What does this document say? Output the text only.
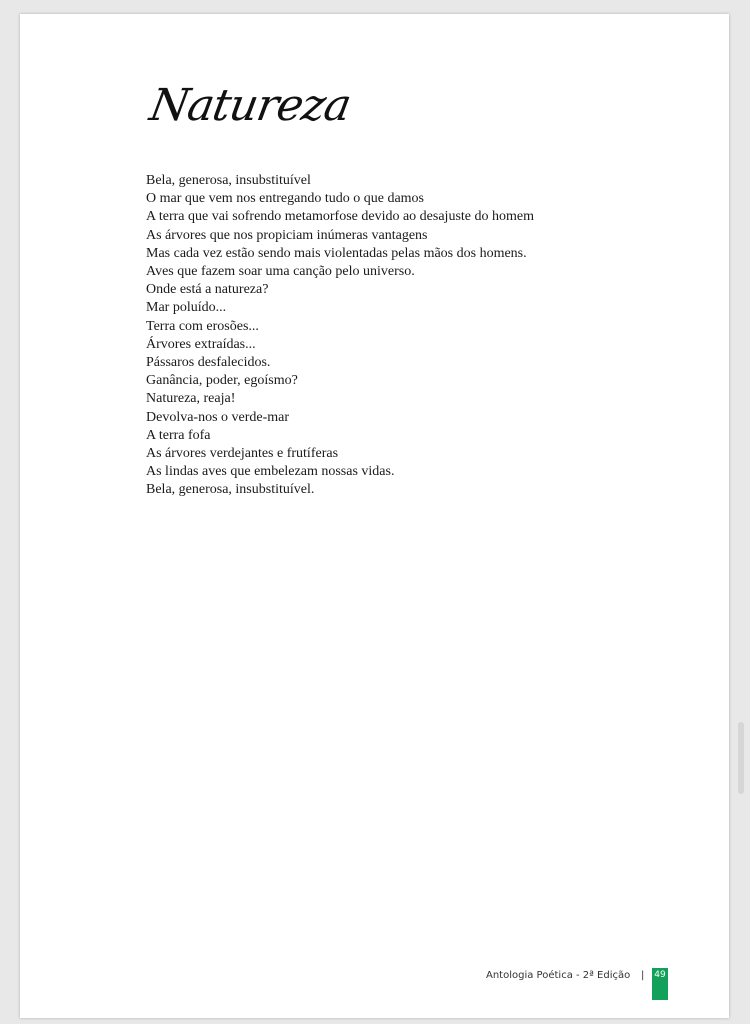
Natureza
Bela, generosa, insubstituível
O mar que vem nos entregando tudo o que damos
A terra que vai sofrendo metamorfose devido ao desajuste do homem
As árvores que nos propiciam inúmeras vantagens
Mas cada vez estão sendo mais violentadas pelas mãos dos homens.
Aves que fazem soar uma canção pelo universo.
Onde está a natureza?
Mar poluído...
Terra com erosões...
Árvores extraídas...
Pássaros desfalecidos.
Ganância, poder, egoísmo?
Natureza, reaja!
Devolva-nos o verde-mar
A terra fofa
As árvores verdejantes e frutíferas
As lindas aves que embelezam nossas vidas.
Bela, generosa, insubstituível.
Antologia Poética - 2ª Edição | 49
